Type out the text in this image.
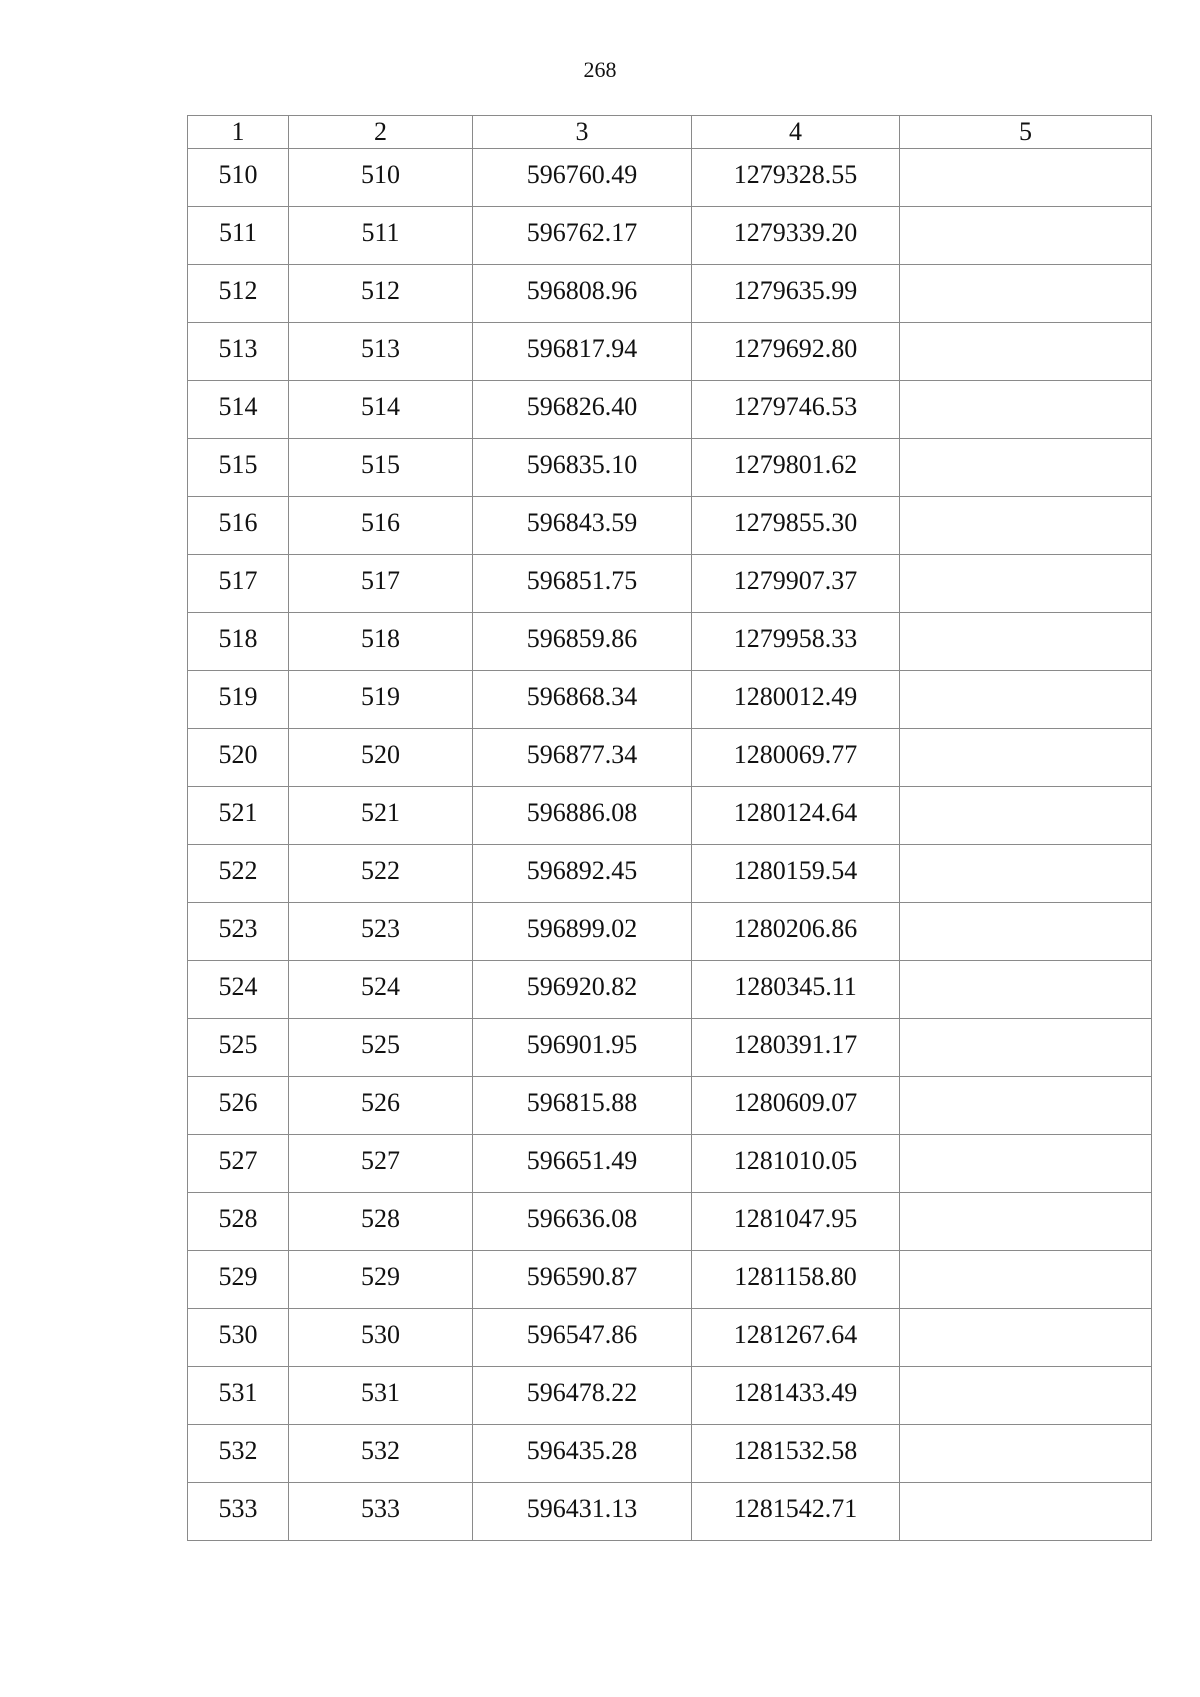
268
1	2	3	4	5
510	510	596760.49	1279328.55	
511	511	596762.17	1279339.20	
512	512	596808.96	1279635.99	
513	513	596817.94	1279692.80	
514	514	596826.40	1279746.53	
515	515	596835.10	1279801.62	
516	516	596843.59	1279855.30	
517	517	596851.75	1279907.37	
518	518	596859.86	1279958.33	
519	519	596868.34	1280012.49	
520	520	596877.34	1280069.77	
521	521	596886.08	1280124.64	
522	522	596892.45	1280159.54	
523	523	596899.02	1280206.86	
524	524	596920.82	1280345.11	
525	525	596901.95	1280391.17	
526	526	596815.88	1280609.07	
527	527	596651.49	1281010.05	
528	528	596636.08	1281047.95	
529	529	596590.87	1281158.80	
530	530	596547.86	1281267.64	
531	531	596478.22	1281433.49	
532	532	596435.28	1281532.58	
533	533	596431.13	1281542.71	
